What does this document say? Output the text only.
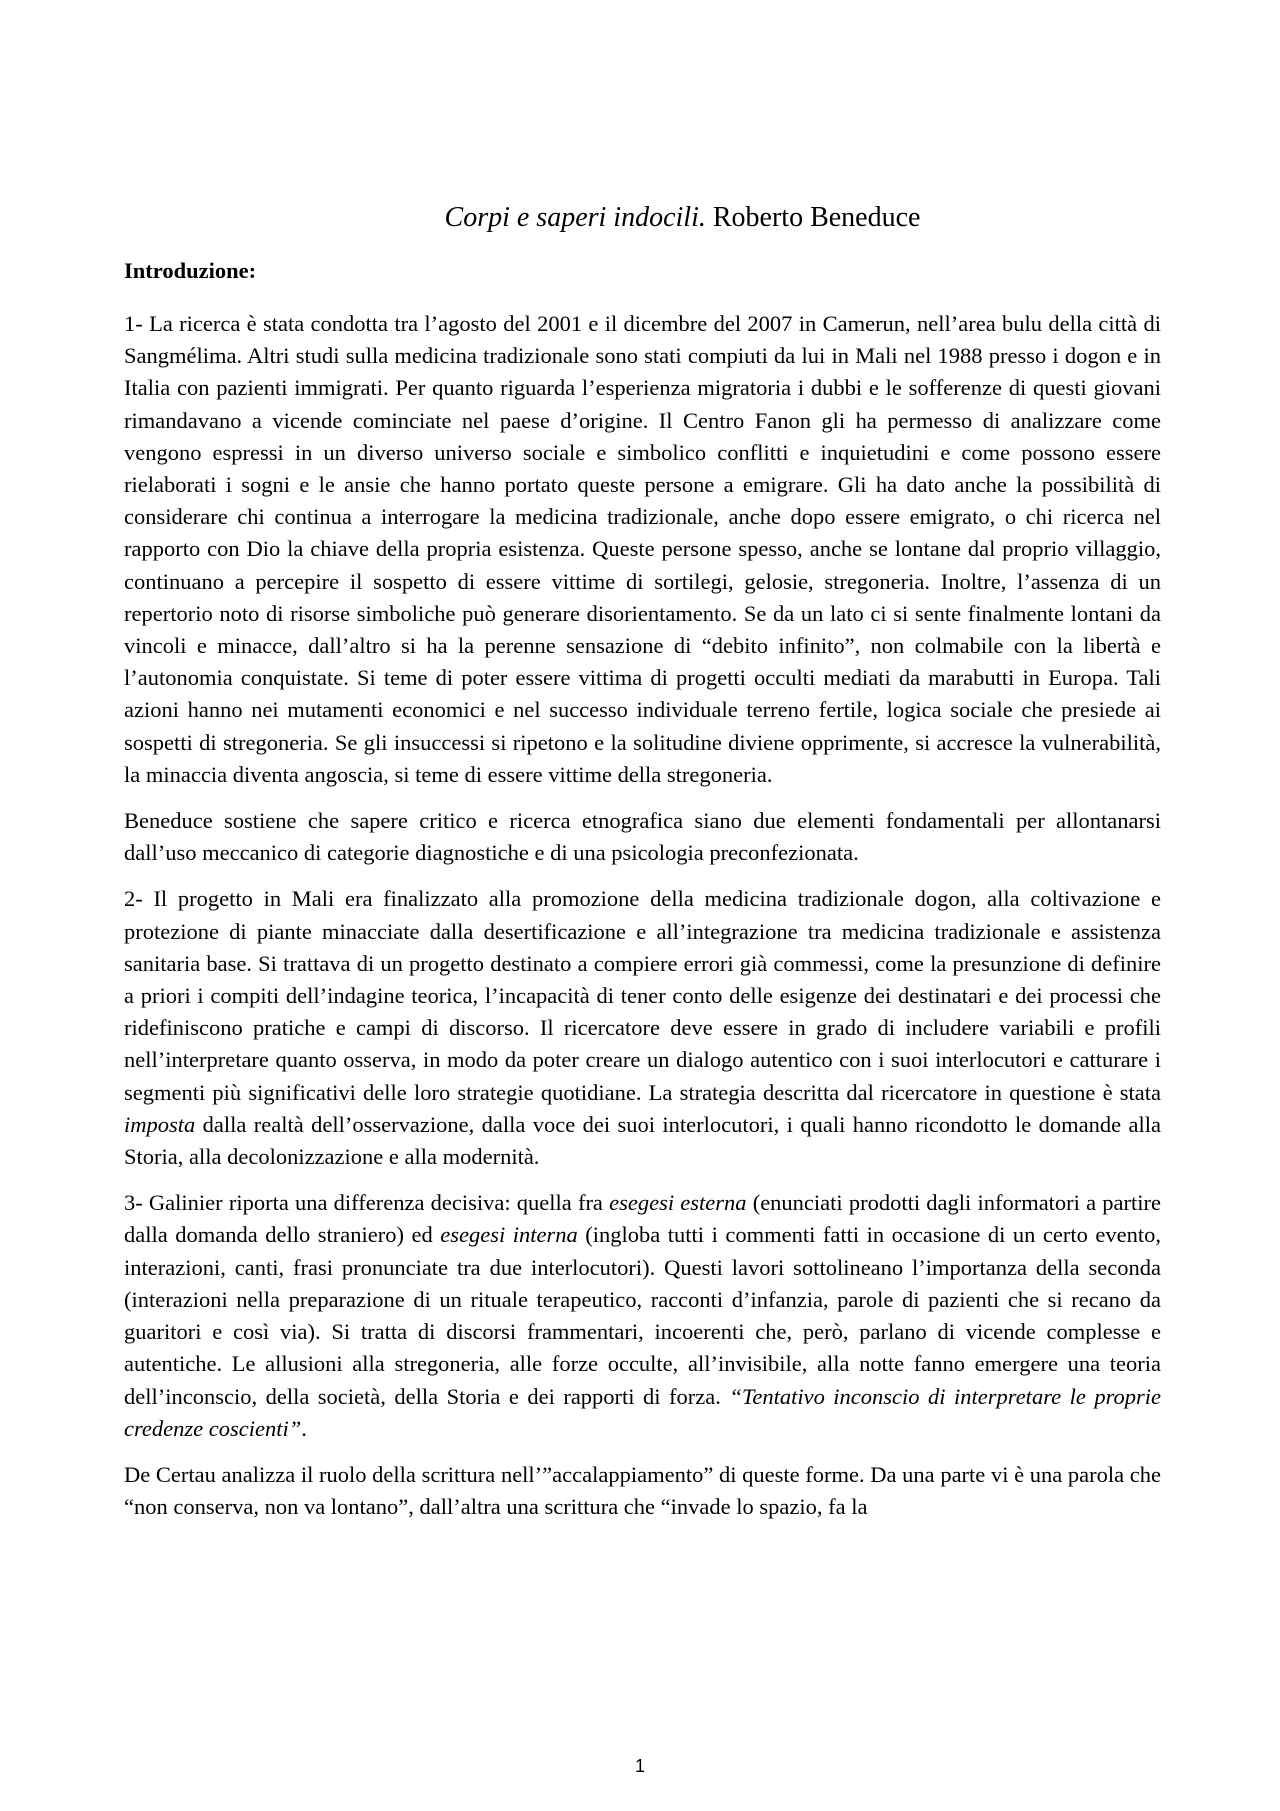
Corpi e saperi indocili. Roberto Beneduce
Introduzione:

1- La ricerca è stata condotta tra l’agosto del 2001 e il dicembre del 2007 in Camerun, nell’area bulu della città di Sangmélima. Altri studi sulla medicina tradizionale sono stati compiuti da lui in Mali nel 1988 presso i dogon e in Italia con pazienti immigrati. Per quanto riguarda l’esperienza migratoria i dubbi e le sofferenze di questi giovani rimandavano a vicende cominciate nel paese d’origine. Il Centro Fanon gli ha permesso di analizzare come vengono espressi in un diverso universo sociale e simbolico conflitti e inquietudini e come possono essere rielaborati i sogni e le ansie che hanno portato queste persone a emigrare. Gli ha dato anche la possibilità di considerare chi continua a interrogare la medicina tradizionale, anche dopo essere emigrato, o chi ricerca nel rapporto con Dio la chiave della propria esistenza. Queste persone spesso, anche se lontane dal proprio villaggio, continuano a percepire il sospetto di essere vittime di sortilegi, gelosie, stregoneria. Inoltre, l’assenza di un repertorio noto di risorse simboliche può generare disorientamento. Se da un lato ci si sente finalmente lontani da vincoli e minacce, dall’altro si ha la perenne sensazione di “debito infinito”, non colmabile con la libertà e l’autonomia conquistate. Si teme di poter essere vittima di progetti occulti mediati da marabutti in Europa. Tali azioni hanno nei mutamenti economici e nel successo individuale terreno fertile, logica sociale che presiede ai sospetti di stregoneria. Se gli insuccessi si ripetono e la solitudine diviene opprimente, si accresce la vulnerabilità, la minaccia diventa angoscia, si teme di essere vittime della stregoneria.

Beneduce sostiene che sapere critico e ricerca etnografica siano due elementi fondamentali per allontanarsi dall’uso meccanico di categorie diagnostiche e di una psicologia preconfezionata.

2- Il progetto in Mali era finalizzato alla promozione della medicina tradizionale dogon, alla coltivazione e protezione di piante minacciate dalla desertificazione e all’integrazione tra medicina tradizionale e assistenza sanitaria base. Si trattava di un progetto destinato a compiere errori già commessi, come la presunzione di definire a priori i compiti dell’indagine teorica, l’incapacità di tener conto delle esigenze dei destinatari e dei processi che ridefiniscono pratiche e campi di discorso. Il ricercatore deve essere in grado di includere variabili e profili nell’interpretare quanto osserva, in modo da poter creare un dialogo autentico con i suoi interlocutori e catturare i segmenti più significativi delle loro strategie quotidiane. La strategia descritta dal ricercatore in questione è stata imposta dalla realtà dell’osservazione, dalla voce dei suoi interlocutori, i quali hanno ricondotto le domande alla Storia, alla decolonizzazione e alla modernità.

3- Galinier riporta una differenza decisiva: quella fra esegesi esterna (enunciati prodotti dagli informatori a partire dalla domanda dello straniero) ed esegesi interna (ingloba tutti i commenti fatti in occasione di un certo evento, interazioni, canti, frasi pronunciate tra due interlocutori). Questi lavori sottolineano l’importanza della seconda (interazioni nella preparazione di un rituale terapeutico, racconti d’infanzia, parole di pazienti che si recano da guaritori e così via). Si tratta di discorsi frammentari, incoerenti che, però, parlano di vicende complesse e autentiche. Le allusioni alla stregoneria, alle forze occulte, all’invisibile, alla notte fanno emergere una teoria dell’inconscio, della società, della Storia e dei rapporti di forza. “Tentativo inconscio di interpretare le proprie credenze coscienti”.

De Certau analizza il ruolo della scrittura nell’”accalappiamento” di queste forme. Da una parte vi è una parola che “non conserva, non va lontano”, dall’altra una scrittura che “invade lo spazio, fa la

1
